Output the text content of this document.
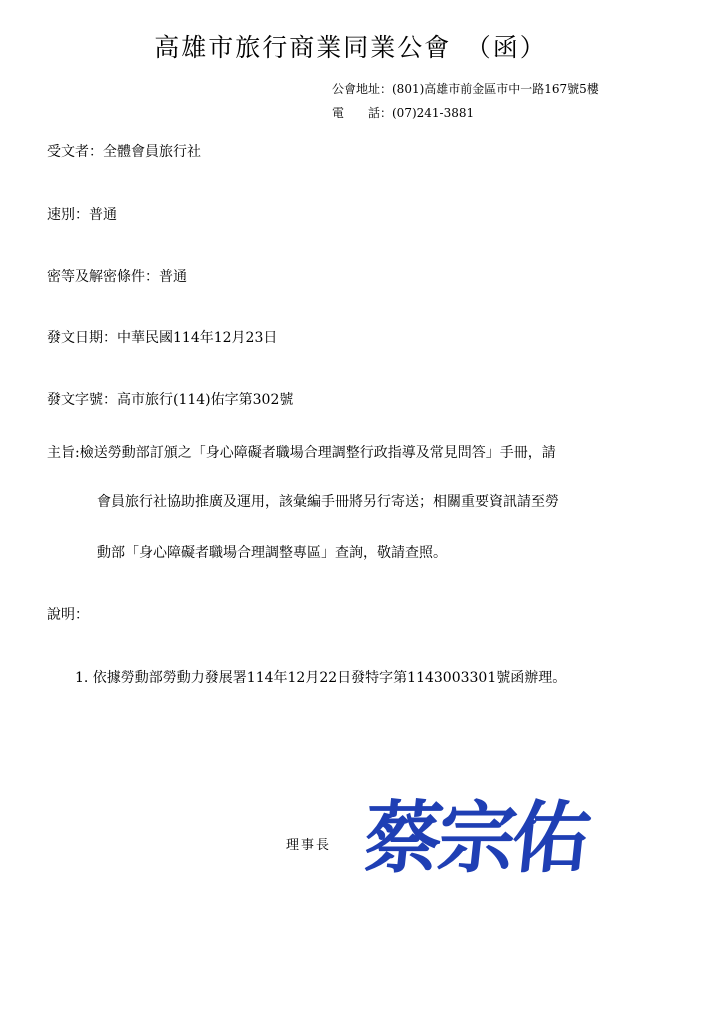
高雄市旅行商業同業公會　（函）
公會地址：(801)高雄市前金區市中一路167號5樓
電　　話：(07)241-3881
受文者：全體會員旅行社
速別：普通
密等及解密條件：普通
發文日期：中華民國114年12月23日
發文字號：高市旅行(114)佑字第302號
主旨:檢送勞動部訂頒之「身心障礙者職場合理調整行政指導及常見問答」手冊，請
會員旅行社協助推廣及運用，該彙編手冊將另行寄送；相關重要資訊請至勞
動部「身心障礙者職場合理調整專區」查詢，敬請查照。
說明：
1. 依據勞動部勞動力發展署114年12月22日發特字第1143003301號函辦理。
理事長 蔡宗佑
